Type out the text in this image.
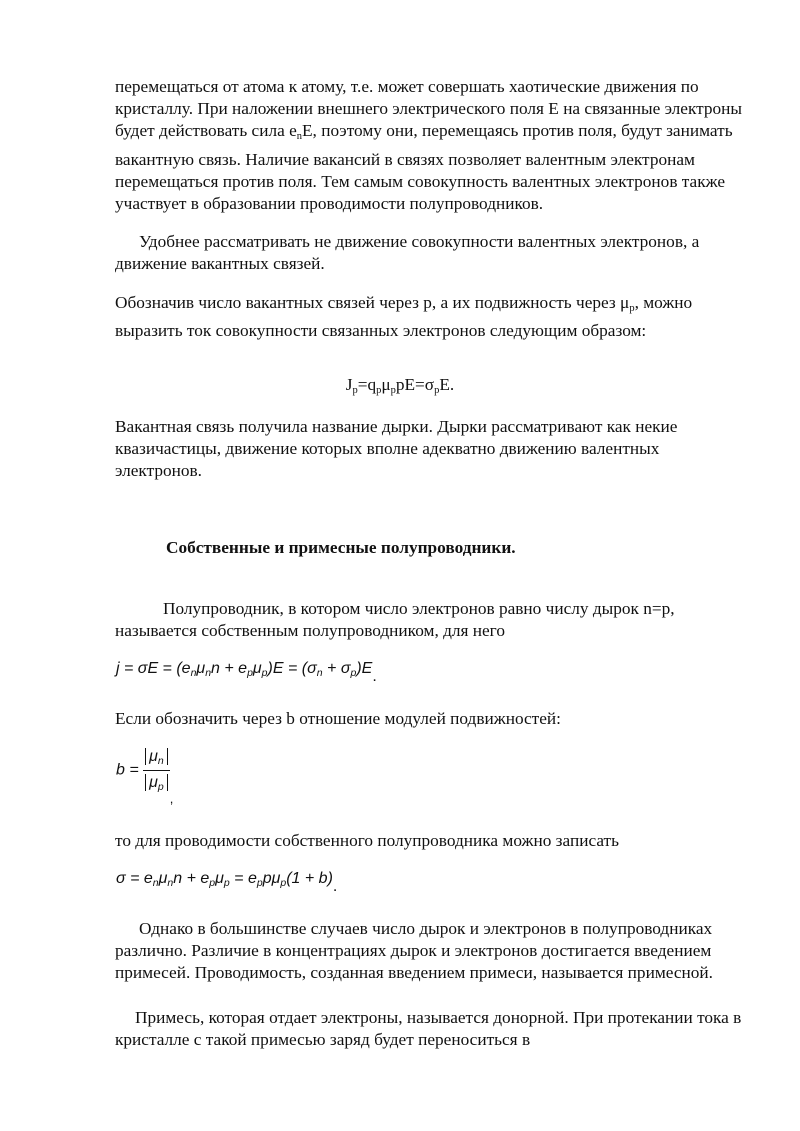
перемещаться от атома к атому, т.е. может совершать хаотические движения по кристаллу. При наложении внешнего электрического поля E на связанные электроны будет действовать сила $e_nE$, поэтому они, перемещаясь против поля, будут занимать вакантную связь. Наличие вакансий в связях позволяет валентным электронам перемещаться против поля. Тем самым совокупность валентных электронов также участвует в образовании проводимости полупроводников.

Удобнее рассматривать не движение совокупности валентных электронов, а движение вакантных связей.

Обозначив число вакантных связей через p, а их подвижность через $\mu_p$, можно выразить ток совокупности связанных электронов следующим образом:

$J_p=q_p\mu_ppE=\sigma_pE$.

Вакантная связь получила название дырки. Дырки рассматривают как некие квазичастицы, движение которых вполне адекватно движению валентных электронов.

Собственные и примесные полупроводники.

Полупроводник, в котором число электронов равно числу дырок n=p, называется собственным полупроводником, для него

$j = \sigma E = (e_n\mu_nn + e_p\mu_p)E = (\sigma_n + \sigma_p)E$.

Если обозначить через b отношение модулей подвижностей:

$b = \frac{\mu_n}{\mu_p}$
$_,$

то для проводимости собственного полупроводника можно записать

$\sigma = e_n\mu_nn + e_p\mu_p = e_pp\mu_p(1 + b)$.

Однако в большинстве случаев число дырок и электронов в полупроводниках различно. Различие в концентрациях дырок и электронов достигается введением примесей. Проводимость, созданная введением примеси, называется примесной.

Примесь, которая отдает электроны, называется донорной. При протекании тока в кристалле с такой примесью заряд будет переноситься в
